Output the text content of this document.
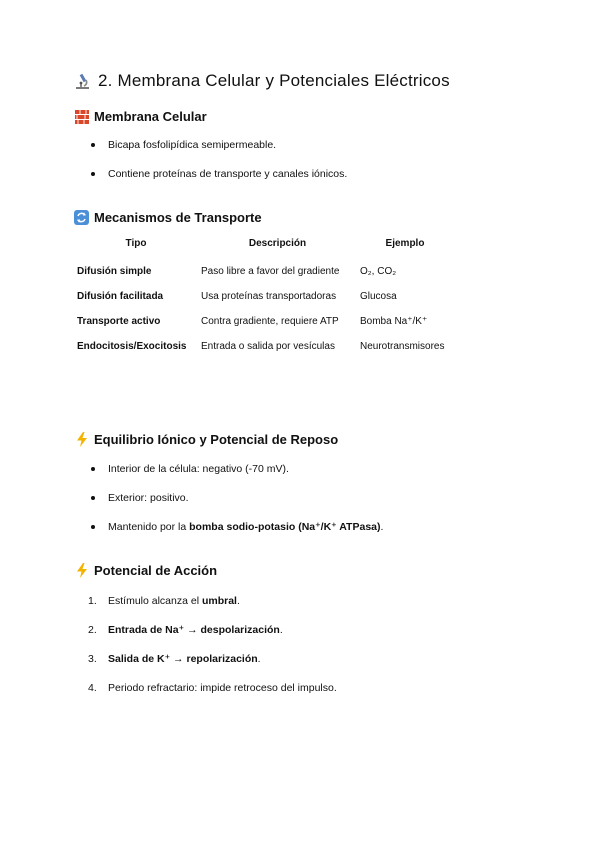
2. Membrana Celular y Potenciales Eléctricos
Membrana Celular
Bicapa fosfolipídica semipermeable.
Contiene proteínas de transporte y canales iónicos.
Mecanismos de Transporte
Tipo	Descripción	Ejemplo
Difusión simple	Paso libre a favor del gradiente	O₂, CO₂
Difusión facilitada	Usa proteínas transportadoras	Glucosa
Transporte activo	Contra gradiente, requiere ATP	Bomba Na⁺/K⁺
Endocitosis/Exocitosis	Entrada o salida por vesículas	Neurotransmisores
Equilibrio Iónico y Potencial de Reposo
Interior de la célula: negativo (-70 mV).
Exterior: positivo.
Mantenido por la bomba sodio-potasio (Na⁺/K⁺ ATPasa).
Potencial de Acción
1.	Estímulo alcanza el umbral.
2.	Entrada de Na⁺ → despolarización.
3.	Salida de K⁺ → repolarización.
4.	Periodo refractario: impide retroceso del impulso.
